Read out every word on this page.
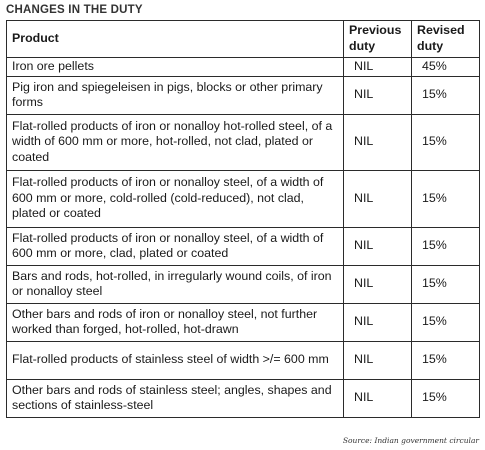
CHANGES IN THE DUTY
Product	Previous duty	Revised duty
Iron ore pellets	NIL	45%
Pig iron and spiegeleisen in pigs, blocks or other primary forms	NIL	15%
Flat-rolled products of iron or nonalloy hot-rolled steel, of a width of 600 mm or more, hot-rolled, not clad, plated or coated	NIL	15%
Flat-rolled products of iron or nonalloy steel, of a width of 600 mm or more, cold-rolled (cold-reduced), not clad, plated or coated	NIL	15%
Flat-rolled products of iron or nonalloy steel, of a width of 600 mm or more, clad, plated or coated	NIL	15%
Bars and rods, hot-rolled, in irregularly wound coils, of iron or nonalloy steel	NIL	15%
Other bars and rods of iron or nonalloy steel, not further worked than forged, hot-rolled, hot-drawn	NIL	15%
Flat-rolled products of stainless steel of width >/= 600 mm	NIL	15%
Other bars and rods of stainless steel; angles, shapes and sections of stainless-steel	NIL	15%
Source: Indian government circular
